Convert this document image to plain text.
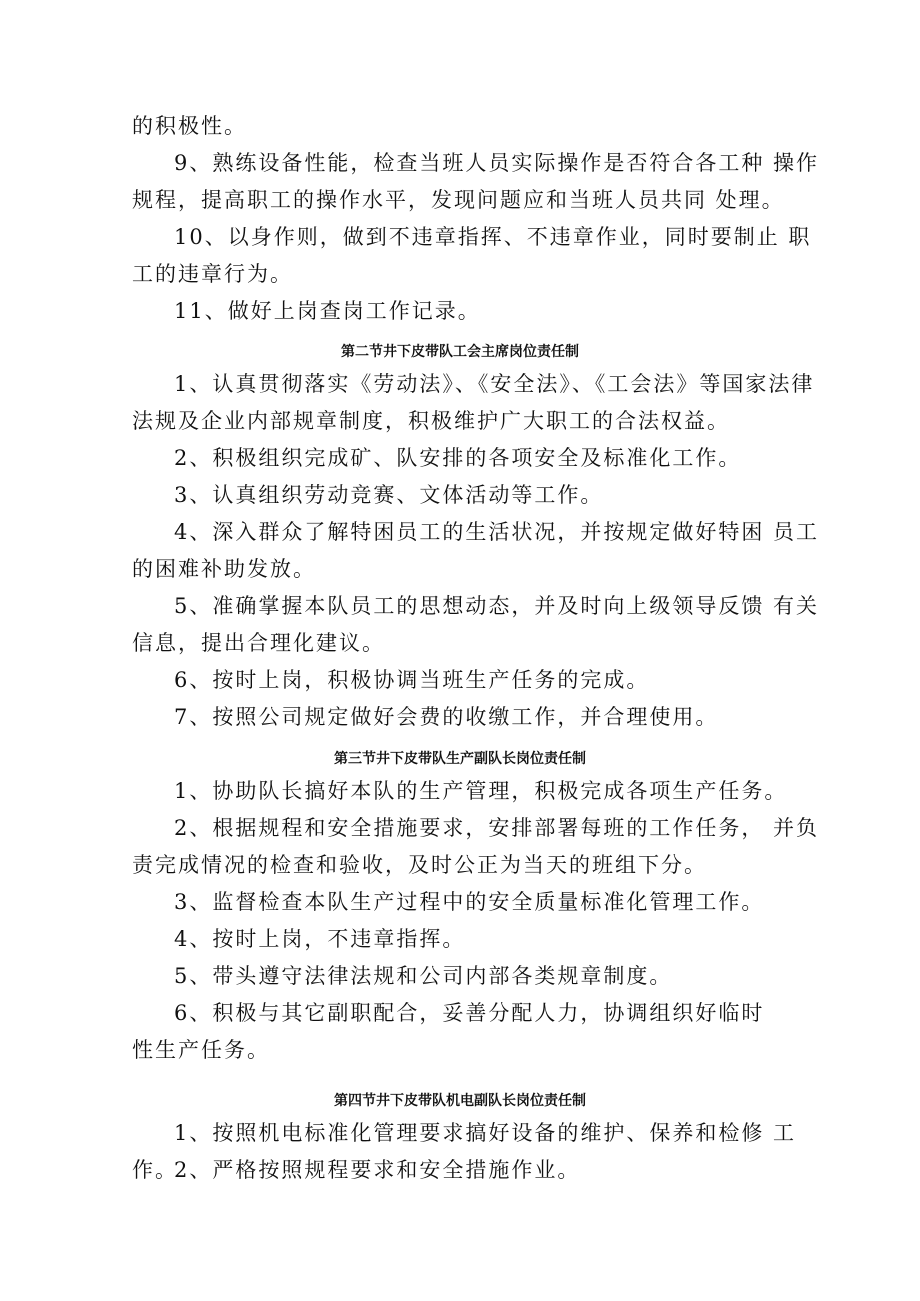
的积极性。

9、熟练设备性能，检查当班人员实际操作是否符合各工种 操作规程，提高职工的操作水平，发现问题应和当班人员共同 处理。

10、以身作则，做到不违章指挥、不违章作业，同时要制止 职工的违章行为。

11、做好上岗查岗工作记录。

第二节井下皮带队工会主席岗位责任制

1、认真贯彻落实《劳动法》、《安全法》、《工会法》等国家法律法规及企业内部规章制度，积极维护广大职工的合法权益。

2、积极组织完成矿、队安排的各项安全及标准化工作。

3、认真组织劳动竞赛、文体活动等工作。

4、深入群众了解特困员工的生活状况，并按规定做好特困 员工的困难补助发放。

5、准确掌握本队员工的思想动态，并及时向上级领导反馈 有关信息，提出合理化建议。

6、按时上岗，积极协调当班生产任务的完成。

7、按照公司规定做好会费的收缴工作，并合理使用。

第三节井下皮带队生产副队长岗位责任制

1、协助队长搞好本队的生产管理，积极完成各项生产任务。

2、根据规程和安全措施要求，安排部署每班的工作任务， 并负责完成情况的检查和验收，及时公正为当天的班组下分。

3、监督检查本队生产过程中的安全质量标准化管理工作。

4、按时上岗，不违章指挥。

5、带头遵守法律法规和公司内部各类规章制度。

6、积极与其它副职配合，妥善分配人力，协调组织好临时

性生产任务。

第四节井下皮带队机电副队长岗位责任制

1、按照机电标准化管理要求搞好设备的维护、保养和检修 工作。

2、严格按照规程要求和安全措施作业。
